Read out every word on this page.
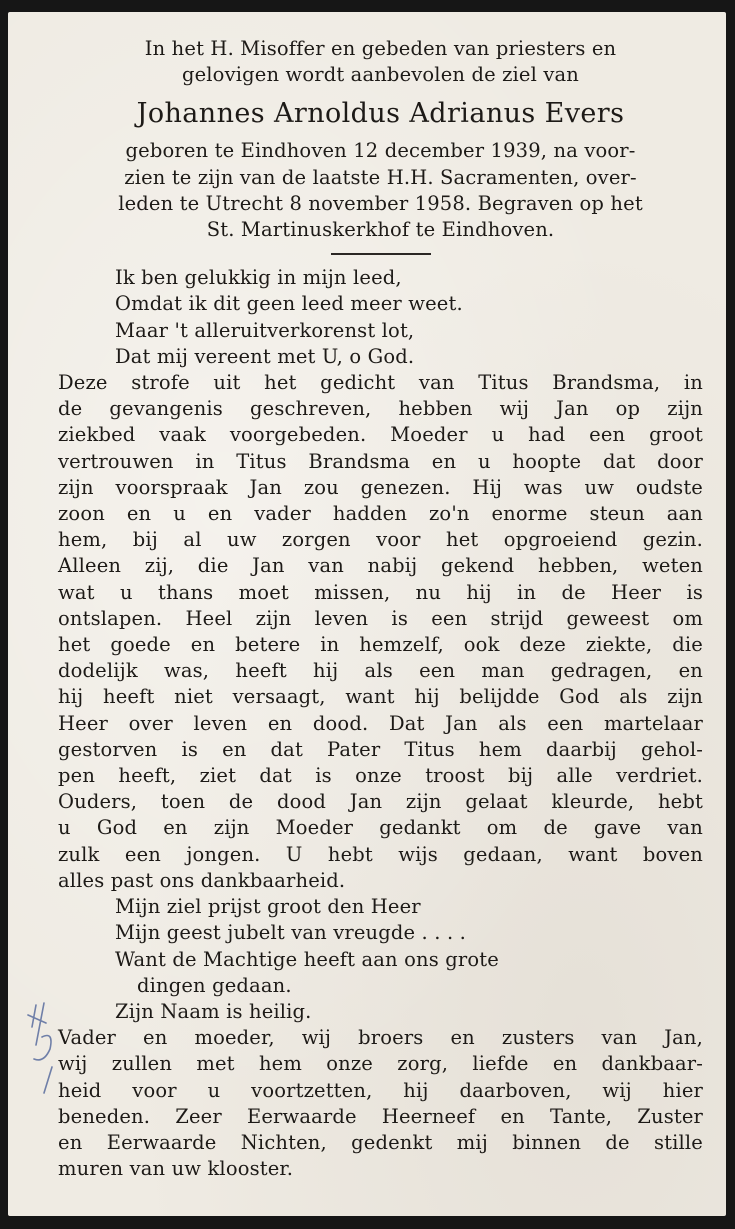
In het H. Misoffer en gebeden van priesters en
gelovigen wordt aanbevolen de ziel van
Johannes Arnoldus Adrianus Evers
geboren te Eindhoven 12 december 1939, na voor-
zien te zijn van de laatste H.H. Sacramenten, over-
leden te Utrecht 8 november 1958. Begraven op het
St. Martinuskerkhof te Eindhoven.
Ik ben gelukkig in mijn leed,
Omdat ik dit geen leed meer weet.
Maar 't alleruitverkorenst lot,
Dat mij vereent met U, o God.
Deze strofe uit het gedicht van Titus Brandsma, in
de gevangenis geschreven, hebben wij Jan op zijn
ziekbed vaak voorgebeden. Moeder u had een groot
vertrouwen in Titus Brandsma en u hoopte dat door
zijn voorspraak Jan zou genezen. Hij was uw oudste
zoon en u en vader hadden zo'n enorme steun aan
hem, bij al uw zorgen voor het opgroeiend gezin.
Alleen zij, die Jan van nabij gekend hebben, weten
wat u thans moet missen, nu hij in de Heer is
ontslapen. Heel zijn leven is een strijd geweest om
het goede en betere in hemzelf, ook deze ziekte, die
dodelijk was, heeft hij als een man gedragen, en
hij heeft niet versaagt, want hij belijdde God als zijn
Heer over leven en dood. Dat Jan als een martelaar
gestorven is en dat Pater Titus hem daarbij gehol-
pen heeft, ziet dat is onze troost bij alle verdriet.
Ouders, toen de dood Jan zijn gelaat kleurde, hebt
u God en zijn Moeder gedankt om de gave van
zulk een jongen. U hebt wijs gedaan, want boven
alles past ons dankbaarheid.
Mijn ziel prijst groot den Heer
Mijn geest jubelt van vreugde . . . .
Want de Machtige heeft aan ons grote
dingen gedaan.
Zijn Naam is heilig.
Vader en moeder, wij broers en zusters van Jan,
wij zullen met hem onze zorg, liefde en dankbaar-
heid voor u voortzetten, hij daarboven, wij hier
beneden. Zeer Eerwaarde Heerneef en Tante, Zuster
en Eerwaarde Nichten, gedenkt mij binnen de stille
muren van uw klooster.
